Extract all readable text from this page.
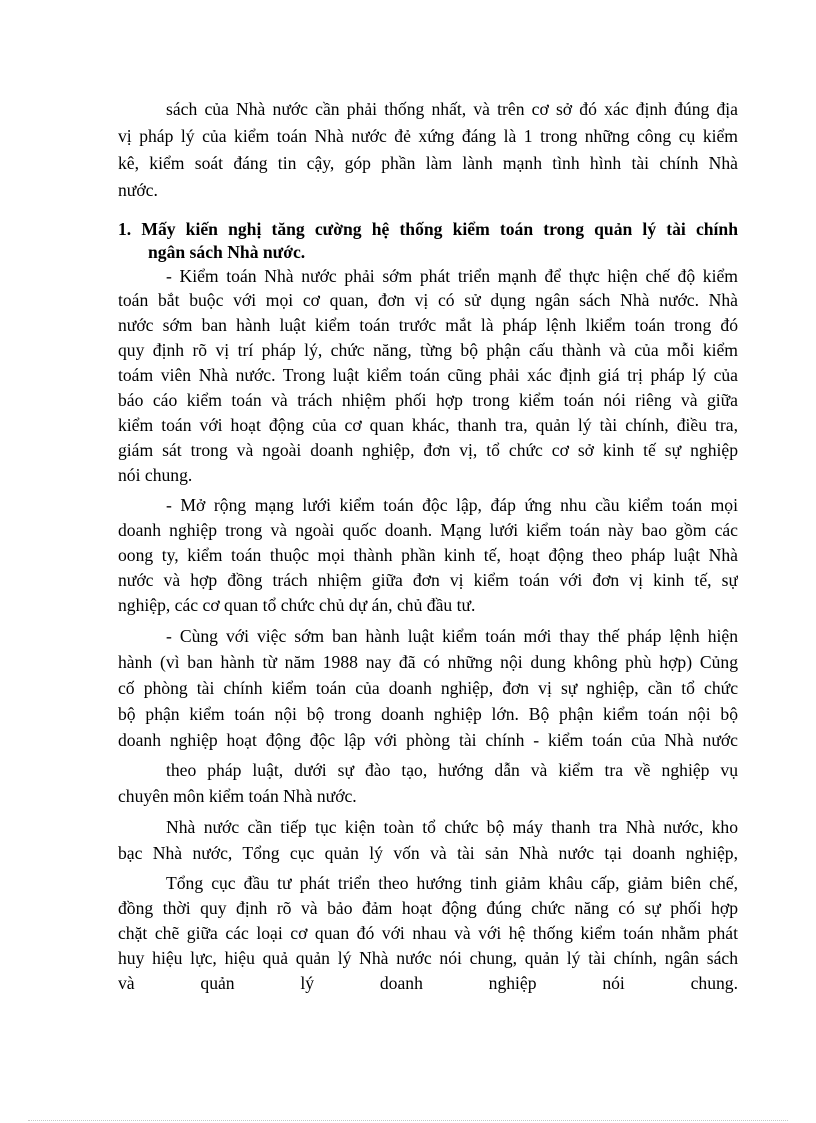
sách của Nhà nước cần phải thống nhất, và trên cơ sở đó xác định đúng địa
vị pháp lý của kiểm toán Nhà nước đẻ xứng đáng là 1 trong những công cụ kiểm
kê, kiểm soát đáng tin cậy, góp phần làm lành mạnh tình hình tài chính Nhà
nước.
1. Mấy kiến nghị tăng cường hệ thống kiểm toán trong quản lý tài chính
ngân sách Nhà nước.
- Kiểm toán Nhà nước phải sớm phát triển mạnh để thực hiện chế độ kiểm
toán bắt buộc với mọi cơ quan, đơn vị có sử dụng ngân sách Nhà nước. Nhà
nước sớm ban hành luật kiểm toán trước mắt là pháp lệnh lkiểm toán trong đó
quy định rõ vị trí pháp lý, chức năng, từng bộ phận cấu thành và của mỗi kiểm
toám viên Nhà nước. Trong luật kiểm toán cũng phải xác định giá trị pháp lý của
báo cáo kiểm toán và trách nhiệm phối hợp trong kiểm toán nói riêng và giữa
kiểm toán với hoạt động của cơ quan khác, thanh tra, quản lý tài chính, điều tra,
giám sát trong và ngoài doanh nghiệp, đơn vị, tổ chức cơ sở kinh tế sự nghiệp
nói chung.
- Mở rộng mạng lưới kiểm toán độc lập, đáp ứng nhu cầu kiểm toán mọi
doanh nghiệp trong và ngoài quốc doanh. Mạng lưới kiểm toán này bao gồm các
oong ty, kiểm toán thuộc mọi thành phần kinh tế, hoạt động theo pháp luật Nhà
nước và hợp đồng trách nhiệm giữa đơn vị kiểm toán với đơn vị kinh tế, sự
nghiệp, các cơ quan tổ chức chủ dự án, chủ đầu tư.
- Cùng với việc sớm ban hành luật kiểm toán mới thay thế pháp lệnh hiện
hành (vì ban hành từ năm 1988 nay đã có những nội dung không phù hợp) Củng
cố phòng tài chính kiểm toán của doanh nghiệp, đơn vị sự nghiệp, cần tổ chức
bộ phận kiểm toán nội bộ trong doanh nghiệp lớn. Bộ phận kiểm toán nội bộ
doanh nghiệp hoạt động độc lập với phòng tài chính - kiểm toán của Nhà nước
theo pháp luật, dưới sự đào tạo, hướng dẫn và kiểm tra về nghiệp vụ
chuyên môn kiểm toán Nhà nước.
Nhà nước cần tiếp tục kiện toàn tổ chức bộ máy thanh tra Nhà nước, kho
bạc Nhà nước, Tổng cục quản lý vốn và tài sản Nhà nước tại doanh nghiệp,
Tổng cục đầu tư phát triển theo hướng tinh giảm khâu cấp, giảm biên chế,
đồng thời quy định rõ và bảo đảm hoạt động đúng chức năng có sự phối hợp
chặt chẽ giữa các loại cơ quan đó với nhau và với hệ thống kiểm toán nhằm phát
huy hiệu lực, hiệu quả quản lý Nhà nước nói chung, quản lý tài chính, ngân sách
và quản lý doanh nghiệp nói chung.
